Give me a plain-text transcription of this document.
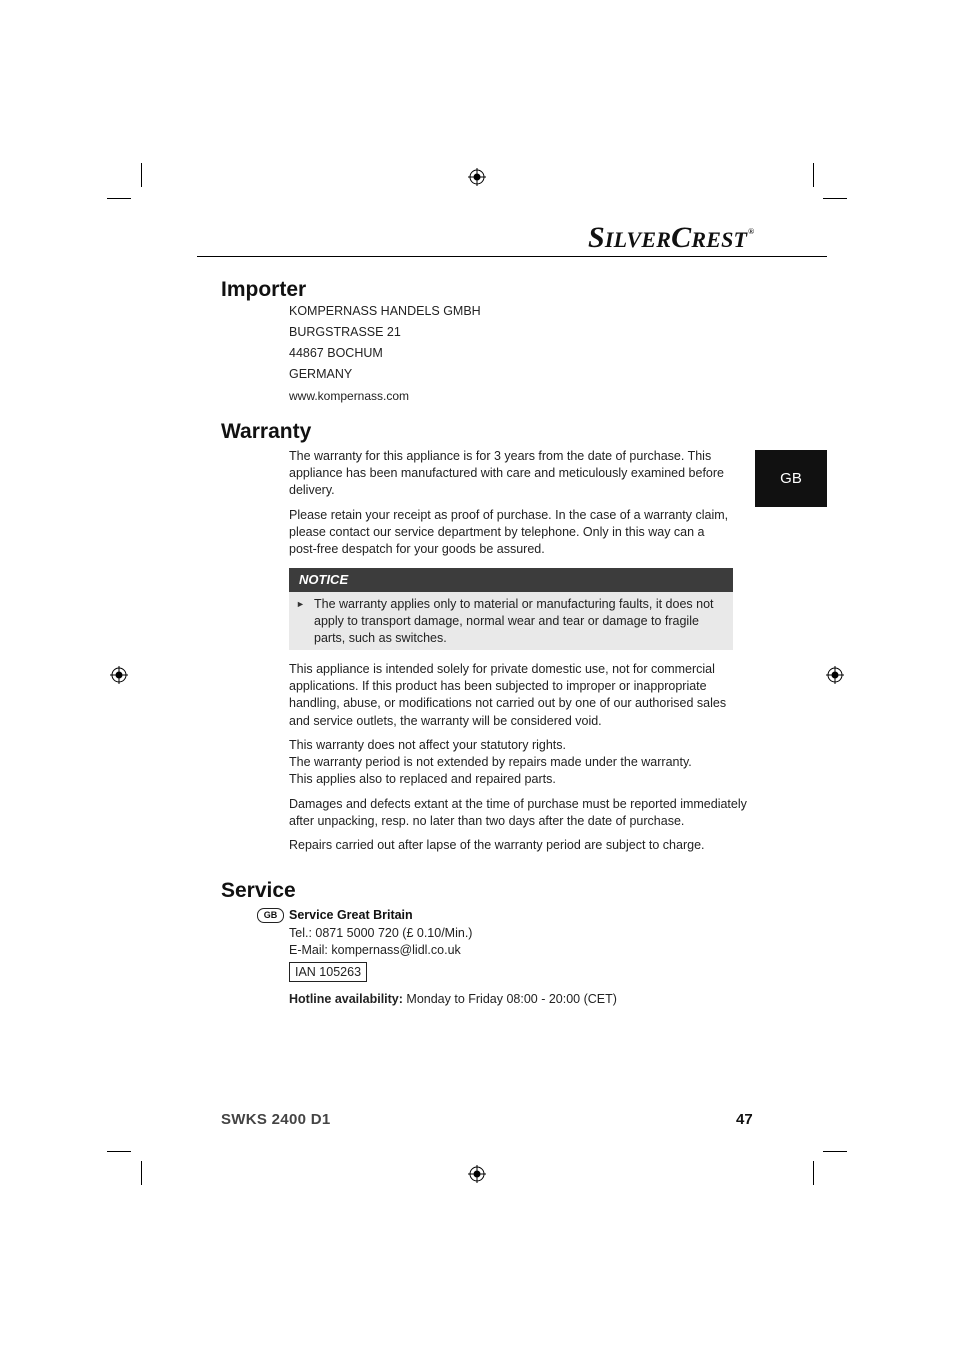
SILVERCREST®
GB
Importer
KOMPERNASS HANDELS GMBH
BURGSTRASSE 21
44867 BOCHUM
GERMANY
www.kompernass.com
Warranty
The warranty for this appliance is for 3 years from the date of purchase. This
appliance has been manufactured with care and meticulously examined before
delivery.
Please retain your receipt as proof of purchase. In the case of a warranty claim,
please contact our service department by telephone. Only in this way can a
post-free despatch for your goods be assured.
NOTICE
► The warranty applies only to material or manufacturing faults, it does not
apply to transport damage, normal wear and tear or damage to fragile
parts, such as switches.
This appliance is intended solely for private domestic use, not for commercial
applications. If this product has been subjected to improper or inappropriate
handling, abuse, or modifications not carried out by one of our authorised sales
and service outlets, the warranty will be considered void.
This warranty does not affect your statutory rights.
The warranty period is not extended by repairs made under the warranty.
This applies also to replaced and repaired parts.
Damages and defects extant at the time of purchase must be reported immediately
after unpacking, resp. no later than two days after the date of purchase.
Repairs carried out after lapse of the warranty period are subject to charge.
Service
GB Service Great Britain
Tel.: 0871 5000 720 (£ 0.10/Min.)
E-Mail: kompernass@lidl.co.uk
IAN 105263
Hotline availability: Monday to Friday 08:00 - 20:00 (CET)
SWKS 2400 D1	47
